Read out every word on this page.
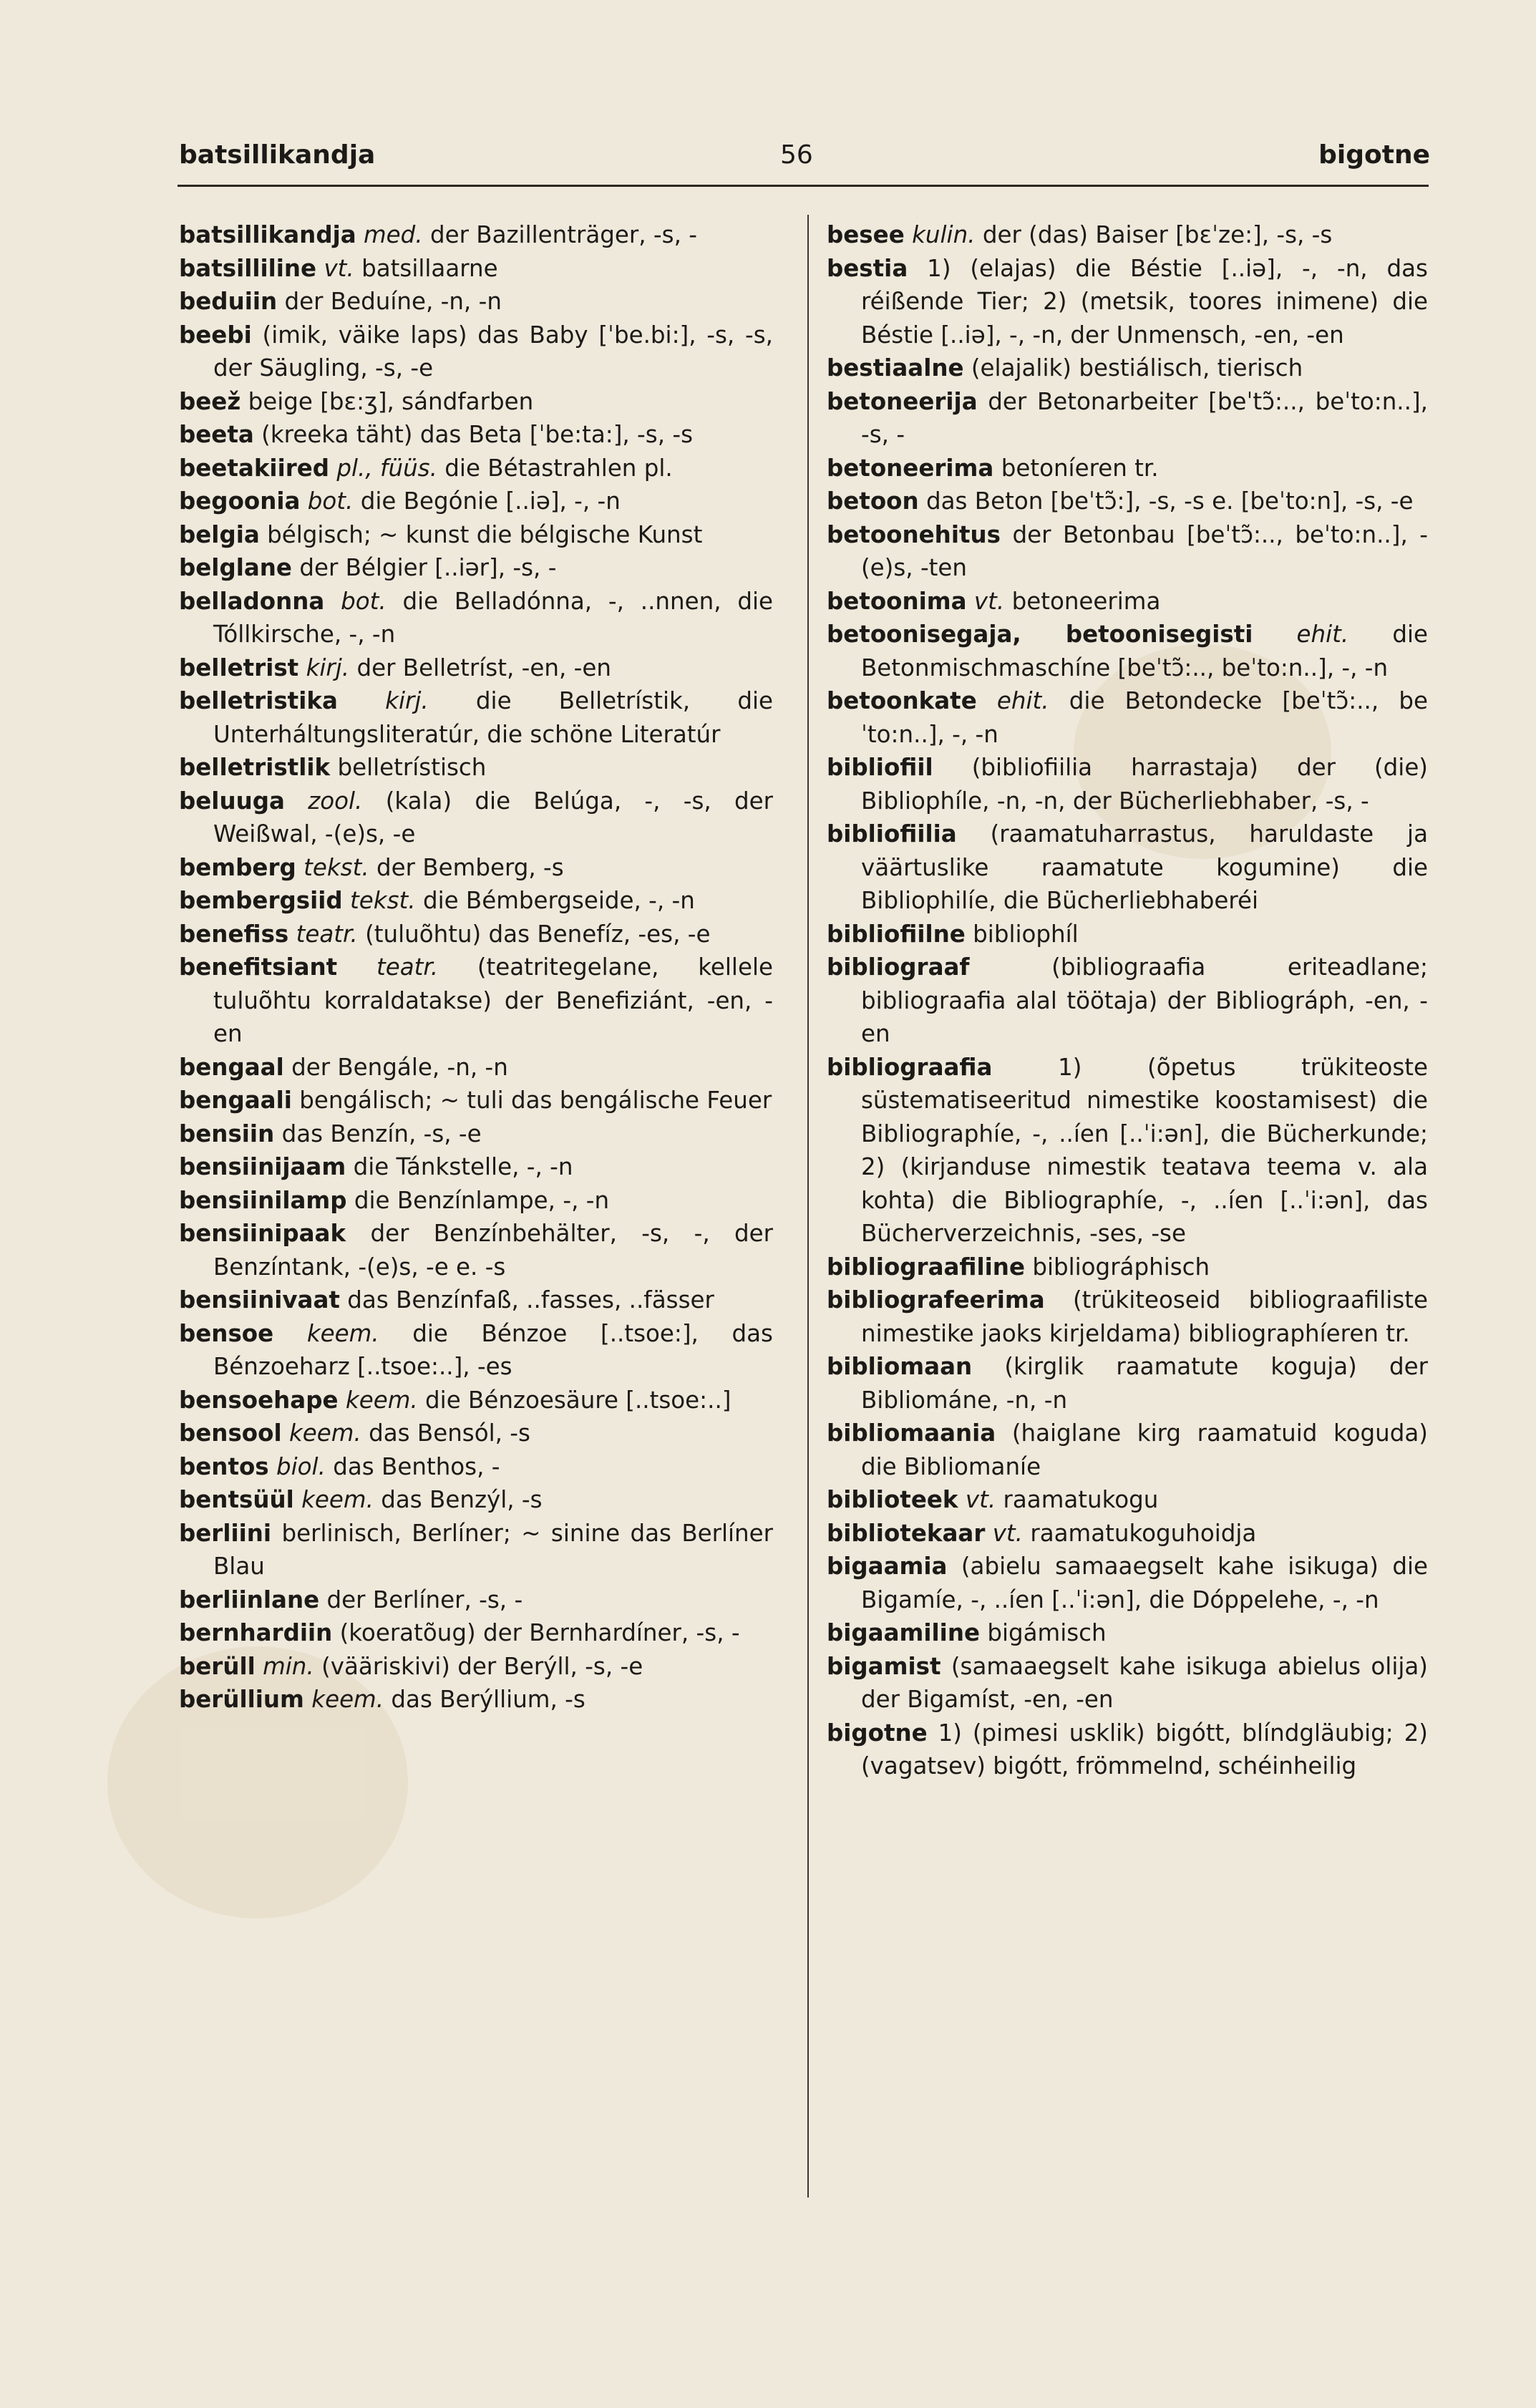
batsillikandja	56	bigotne

batsillikandja med. der Bazillenträger, -s, -

batsilliline vt. batsillaarne

beduiin der Beduíne, -n, -n

beebi (imik, väike laps) das Baby [ˈbe.bi:], -s, -s, der Säugling, -s, -e

beež beige [bɛ:ʒ], sándfarben

beeta (kreeka täht) das Beta [ˈbe:ta:], -s, -s

beetakiired pl., füüs. die Bétastrahlen pl.

begoonia bot. die Begónie [..iə], -, -n

belgia bélgisch; ~ kunst die bélgische Kunst

belglane der Bélgier [..iər], -s, -

belladonna bot. die Belladónna, -, ..nnen, die Tóllkirsche, -, -n

belletrist kirj. der Belletríst, -en, -en

belletristika kirj. die Belletrístik, die Unterháltungsliteratúr, die schöne Literatúr

belletristlik belletrístisch

beluuga zool. (kala) die Belúga, -, -s, der Weißwal, -(e)s, -e

bemberg tekst. der Bemberg, -s

bembergsiid tekst. die Bémbergseide, -, -n

benefiss teatr. (tuluõhtu) das Benefíz, -es, -e

benefitsiant teatr. (teatritegelane, kellele tuluõhtu korraldatakse) der Benefiziánt, -en, -en

bengaal der Bengále, -n, -n

bengaali bengálisch; ~ tuli das bengálische Feuer

bensiin das Benzín, -s, -e

bensiinijaam die Tánkstelle, -, -n

bensiinilamp die Benzínlampe, -, -n

bensiinipaak der Benzínbehälter, -s, -, der Benzíntank, -(e)s, -e e. -s

bensiinivaat das Benzínfaß, ..fasses, ..fässer

bensoe keem. die Bénzoe [..tsoe:], das Bénzoeharz [..tsoe:..], -es

bensoehape keem. die Bénzoesäure [..tsoe:..]

bensool keem. das Bensól, -s

bentos biol. das Benthos, -

bentsüül keem. das Benzýl, -s

berliini berlinisch, Berlíner; ~ sinine das Berlíner Blau

berliinlane der Berlíner, -s, -

bernhardiin (koeratõug) der Bernhardíner, -s, -

berüll min. (vääriskivi) der Berýll, -s, -e

berüllium keem. das Berýllium, -s

besee kulin. der (das) Baiser [bɛˈze:], -s, -s

bestia 1) (elajas) die Béstie [..iə], -, -n, das réißende Tier; 2) (metsik, toores inimene) die Béstie [..iə], -, -n, der Unmensch, -en, -en

bestiaalne (elajalik) bestiálisch, tierisch

betoneerija der Betonarbeiter [beˈtɔ̃:.., beˈto:n..], -s, -

betoneerima betoníeren tr.

betoon das Beton [beˈtɔ̃:], -s, -s e. [beˈto:n], -s, -e

betoonehitus der Betonbau [beˈtɔ̃:.., beˈto:n..], -(e)s, -ten

betoonima vt. betoneerima

betoonisegaja, betoonisegisti ehit. die Betonmischmaschíne [beˈtɔ̃:.., beˈto:n..], -, -n

betoonkate ehit. die Betondecke [beˈtɔ̃:.., beˈto:n..], -, -n

bibliofiil (bibliofiilia harrastaja) der (die) Bibliophíle, -n, -n, der Bücherliebhaber, -s, -

bibliofiilia (raamatuharrastus, haruldaste ja väärtuslike raamatute kogumine) die Bibliophilíe, die Bücherliebhaberéi

bibliofiilne bibliophíl

bibliograaf	(bibliograafia eriteadlane; bibliograafia alal töötaja) der Bibliográph, -en, -en

bibliograafia	1) (õpetus trükiteoste süstematiseeritud nimestike koostamisest) die Bibliographíe, -, ..íen [..ˈi:ən], die Bücherkunde; 2) (kirjanduse nimestik teatava teema v. ala kohta) die Bibliographíe, -, ..íen [..ˈi:ən], das Bücherverzeichnis, -ses, -se

bibliograafiline bibliográphisch

bibliografeerima (trükiteoseid bibliograafiliste nimestike jaoks kirjeldama) bibliographíeren tr.

bibliomaan (kirglik raamatute koguja) der Bibliománe, -n, -n

bibliomaania (haiglane kirg raamatuid koguda) die Bibliomaníe

biblioteek vt. raamatukogu

bibliotekaar vt. raamatukoguhoidja

bigaamia (abielu samaaegselt kahe isikuga) die Bigamíe, -, ..íen [..ˈi:ən], die Dóppelehe, -, -n

bigaamiline bigámisch

bigamist (samaaegselt kahe isikuga abielus olija) der Bigamíst, -en, -en

bigotne 1) (pimesi usklik) bigótt, blíndgläubig; 2) (vagatsev) bigótt, frömmelnd, schéinheilig
